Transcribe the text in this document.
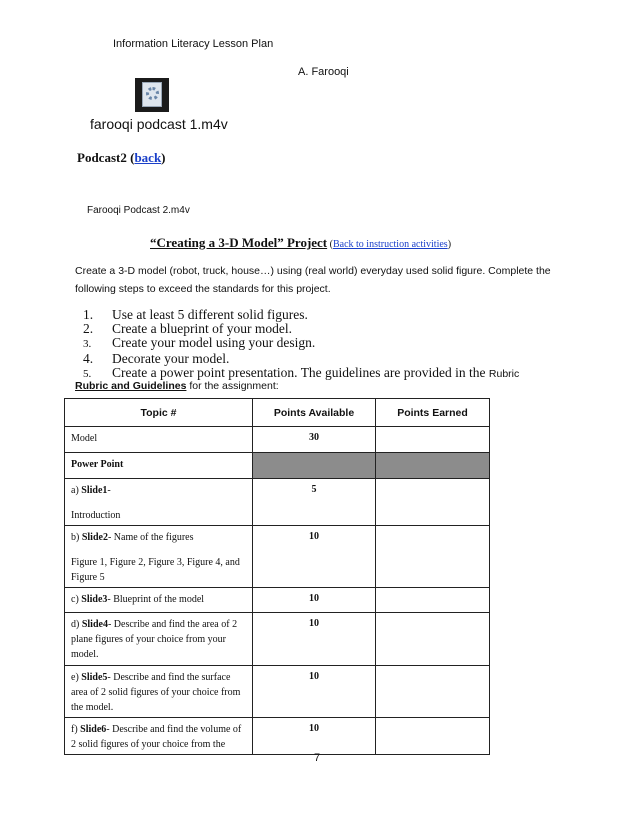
Information Literacy Lesson Plan
A. Farooqi
farooqi podcast 1.m4v
Podcast2 (back)
Farooqi Podcast 2.m4v
“Creating a 3-D Model” Project (Back to instruction activities)
Create a 3-D model (robot, truck, house…) using (real world) everyday used solid figure. Complete the following steps to exceed the standards for this project.
1. Use at least 5 different solid figures.
2. Create a blueprint of your model.
3. Create your model using your design.
4. Decorate your model.
5. Create a power point presentation. The guidelines are provided in the Rubric
Rubric and Guidelines for the assignment:
Topic #	Points Available	Points Earned
Model	30	
Power Point		
a) Slide1-
Introduction	5	
b) Slide2- Name of the figures
Figure 1, Figure 2, Figure 3, Figure 4, and Figure 5	10	
c) Slide3- Blueprint of the model	10	
d) Slide4- Describe and find the area of 2 plane figures of your choice from your model.	10	
e) Slide5- Describe and find the surface area of 2 solid figures of your choice from the model.	10	
f) Slide6- Describe and find the volume of 2 solid figures of your choice from the	10	
7
